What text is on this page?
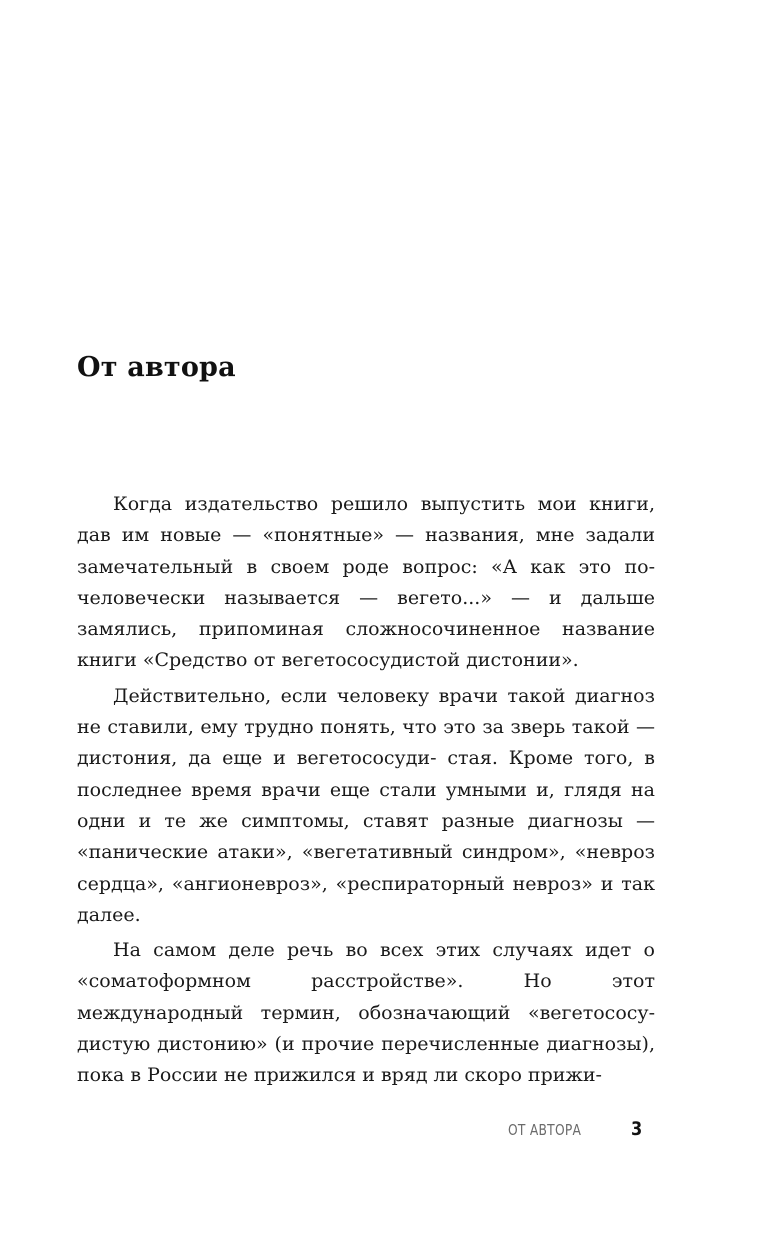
От автора

Когда издательство решило выпустить мои книги, дав им новые — «понятные» — названия, мне задали замечательный в своем роде вопрос: «А как это по-человечески называется — вегето...» — и дальше замялись, припоминая сложносочиненное название книги «Средство от вегетососудистой дистонии».

Действительно, если человеку врачи такой диагноз не ставили, ему трудно понять, что это за зверь такой — дистония, да еще и вегетососуди- стая. Кроме того, в последнее время врачи еще стали умными и, глядя на одни и те же симптомы, ставят разные диагнозы — «панические атаки», «вегетативный синдром», «невроз сердца», «ангионевроз», «респираторный невроз» и так далее.

На самом деле речь во всех этих случаях идет о «соматоформном расстройстве». Но этот международный термин, обозначающий «вегетососу- дистую дистонию» (и прочие перечисленные диагнозы), пока в России не прижился и вряд ли скоро прижи-

ОТ АВТОРА	3
